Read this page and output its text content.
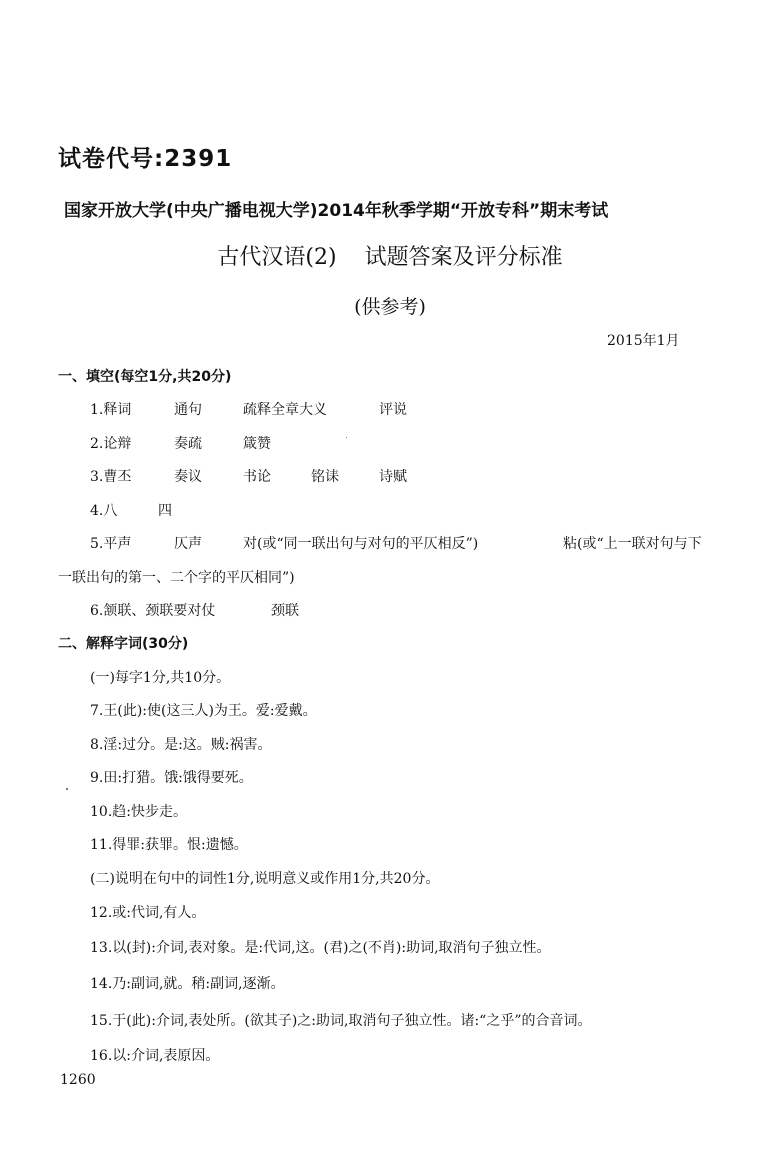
试卷代号:2391
国家开放大学(中央广播电视大学)2014年秋季学期“开放专科”期末考试
古代汉语(2) 试题答案及评分标准
(供参考)
2015年1月
一、填空(每空1分,共20分)
1.释词	通句	疏释全章大义	评说
2.论辩	奏疏	箴赞
3.曹丕	奏议	书论	铭诔	诗赋
4.八	四
5.平声	仄声	对(或“同一联出句与对句的平仄相反”)	粘(或“上一联对句与下
一联出句的第一、二个字的平仄相同”)
6.颔联、颈联要对仗	颈联
二、解释字词(30分)
(一)每字1分,共10分。
7.王(此):使(这三人)为王。爱:爱戴。
8.淫:过分。是:这。贼:祸害。
9.田:打猎。饿:饿得要死。
10.趋:快步走。
11.得罪:获罪。恨:遗憾。
(二)说明在句中的词性1分,说明意义或作用1分,共20分。
12.或:代词,有人。
13.以(封):介词,表对象。是:代词,这。(君)之(不肖):助词,取消句子独立性。
14.乃:副词,就。稍:副词,逐渐。
15.于(此):介词,表处所。(欲其子)之:助词,取消句子独立性。诸:“之乎”的合音词。
16.以:介词,表原因。
1260
